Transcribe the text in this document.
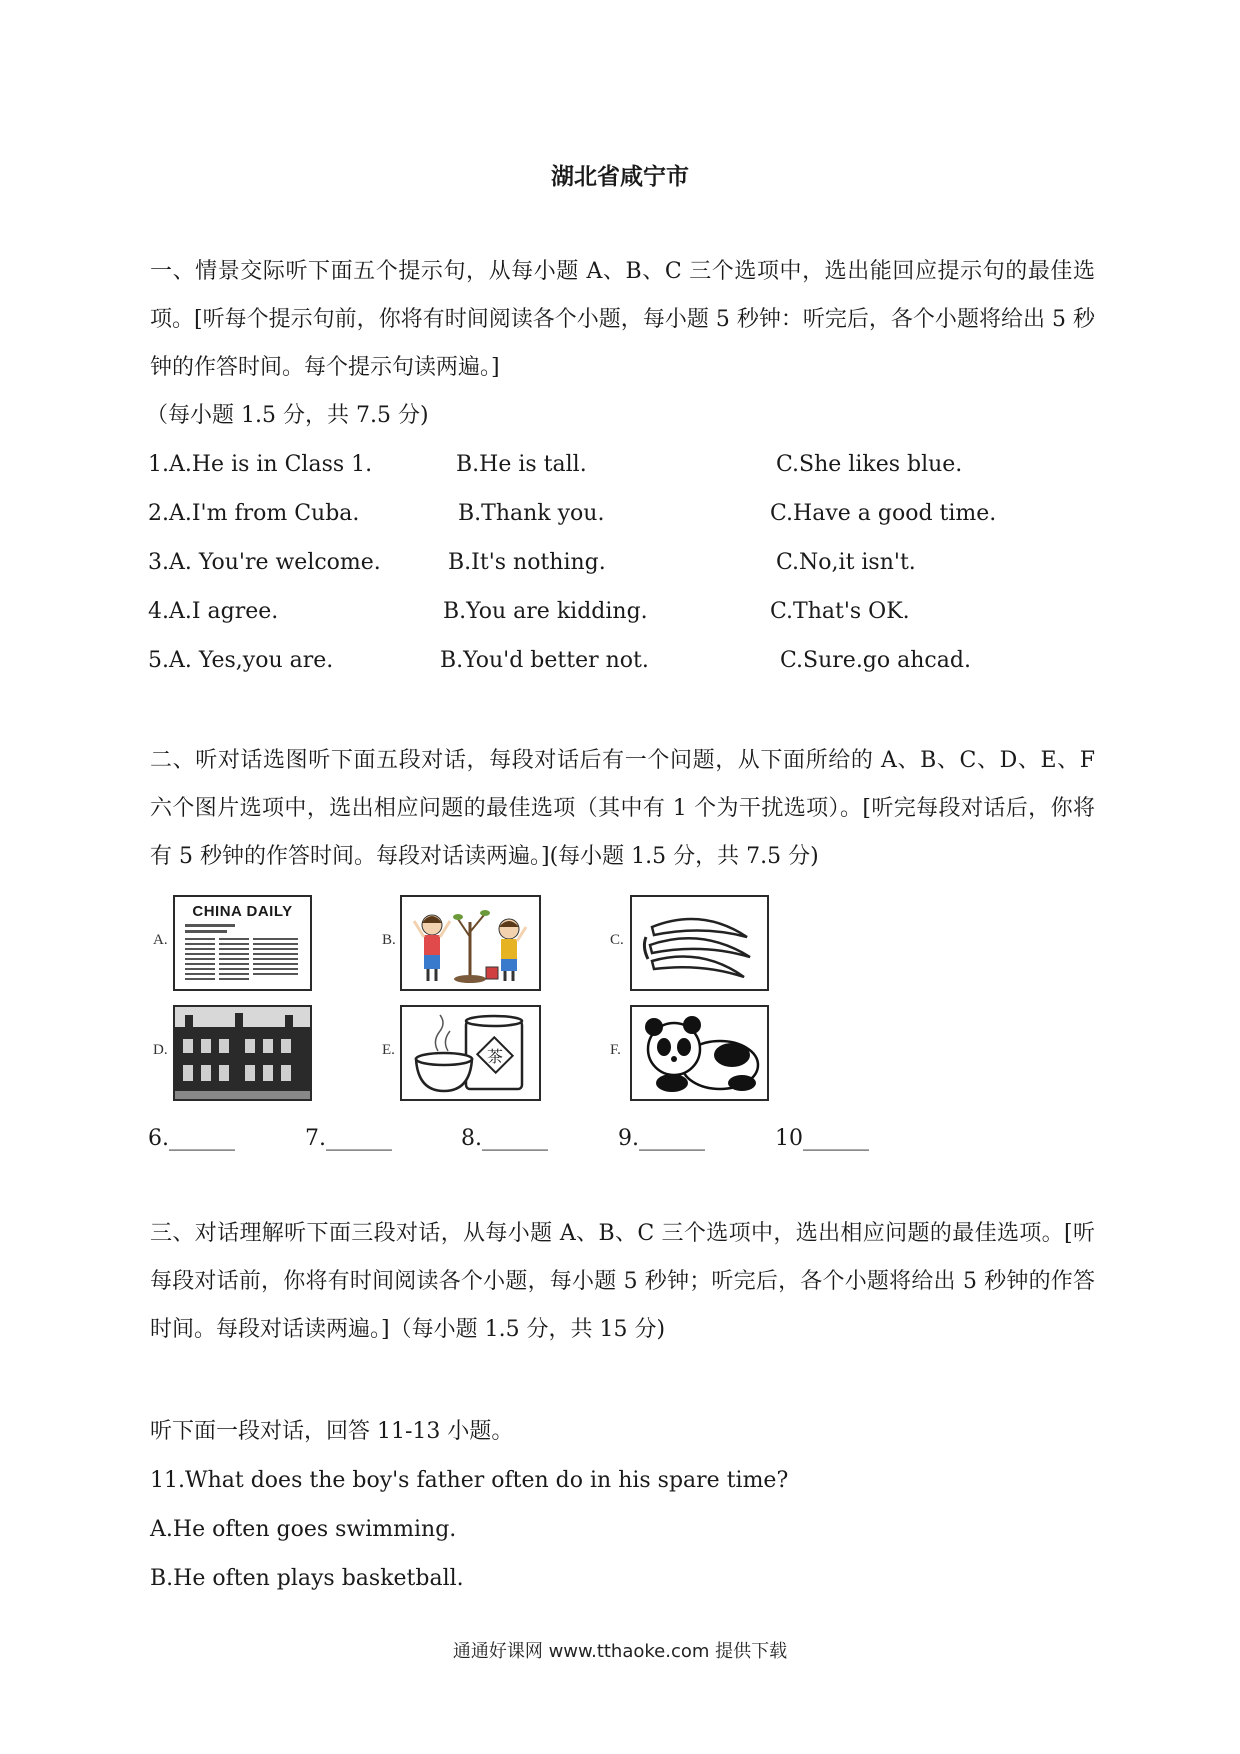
湖北省咸宁市
一、情景交际听下面五个提示句，从每小题 A、B、C 三个选项中，选出能回应提示句的最佳选项。[听每个提示句前，你将有时间阅读各个小题，每小题 5 秒钟：听完后，各个小题将给出 5 秒钟的作答时间。每个提示句读两遍。]
（每小题 1.5 分，共 7.5 分)
1.A.He is in Class 1.	B.He is tall.	C.She likes blue.
2.A.I'm from Cuba.	B.Thank you.	C.Have a good time.
3.A. You're welcome.	B.It's nothing.	C.No,it isn't.
4.A.I agree.	B.You are kidding.	C.That's OK.
5.A. Yes,you are.	B.You'd better not.	C.Sure.go ahcad.
二、听对话选图听下面五段对话，每段对话后有一个问题，从下面所给的 A、B、C、D、E、F 六个图片选项中，选出相应问题的最佳选项（其中有 1 个为干扰选项）。[听完每段对话后，你将有 5 秒钟的作答时间。每段对话读两遍。](每小题 1.5 分，共 7.5 分)
A.
CHINA DAILY
B.	C.
D.	E.	茶	F.
6.______	7.______	8.______	9.______	10______
三、对话理解听下面三段对话，从每小题 A、B、C 三个选项中，选出相应问题的最佳选项。[听每段对话前，你将有时间阅读各个小题，每小题 5 秒钟；听完后，各个小题将给出 5 秒钟的作答时间。每段对话读两遍。]（每小题 1.5 分，共 15 分)
听下面一段对话，回答 11-13 小题。
11.What does the boy's father often do in his spare time?
A.He often goes swimming.
B.He often plays basketball.
通通好课网 www.tthaoke.com 提供下载
